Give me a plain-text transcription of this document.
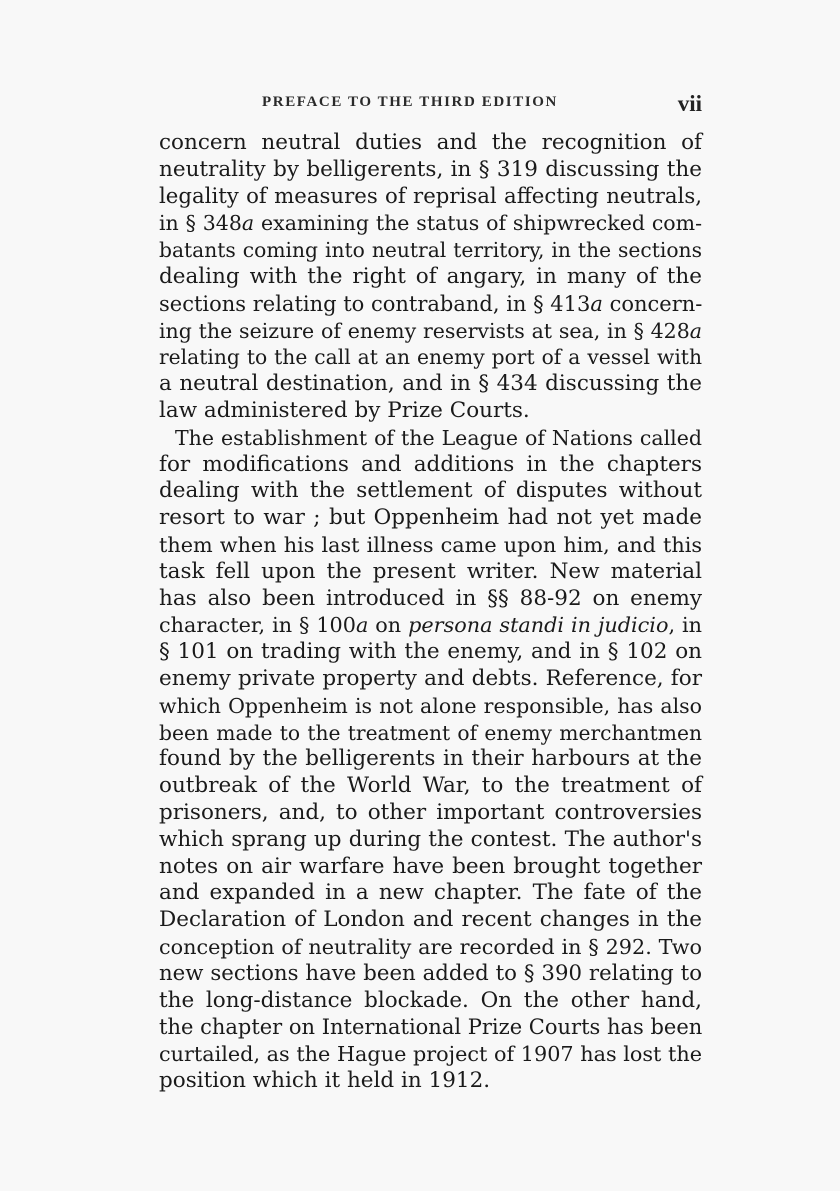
PREFACE TO THE THIRD EDITION	vii
concern neutral duties and the recognition of
neutrality by belligerents, in § 319 discussing the
legality of measures of reprisal affecting neutrals,
in § 348a examining the status of shipwrecked com-
batants coming into neutral territory, in the sections
dealing with the right of angary, in many of the
sections relating to contraband, in § 413a concern-
ing the seizure of enemy reservists at sea, in § 428a
relating to the call at an enemy port of a vessel with
a neutral destination, and in § 434 discussing the
law administered by Prize Courts.
The establishment of the League of Nations called
for modifications and additions in the chapters
dealing with the settlement of disputes without
resort to war ; but Oppenheim had not yet made
them when his last illness came upon him, and this
task fell upon the present writer. New material
has also been introduced in §§ 88-92 on enemy
character, in § 100a on persona standi in judicio, in
§ 101 on trading with the enemy, and in § 102 on
enemy private property and debts. Reference, for
which Oppenheim is not alone responsible, has also
been made to the treatment of enemy merchantmen
found by the belligerents in their harbours at the
outbreak of the World War, to the treatment of
prisoners, and, to other important controversies
which sprang up during the contest. The author's
notes on air warfare have been brought together
and expanded in a new chapter. The fate of the
Declaration of London and recent changes in the
conception of neutrality are recorded in § 292. Two
new sections have been added to § 390 relating to
the long-distance blockade. On the other hand,
the chapter on International Prize Courts has been
curtailed, as the Hague project of 1907 has lost the
position which it held in 1912.
